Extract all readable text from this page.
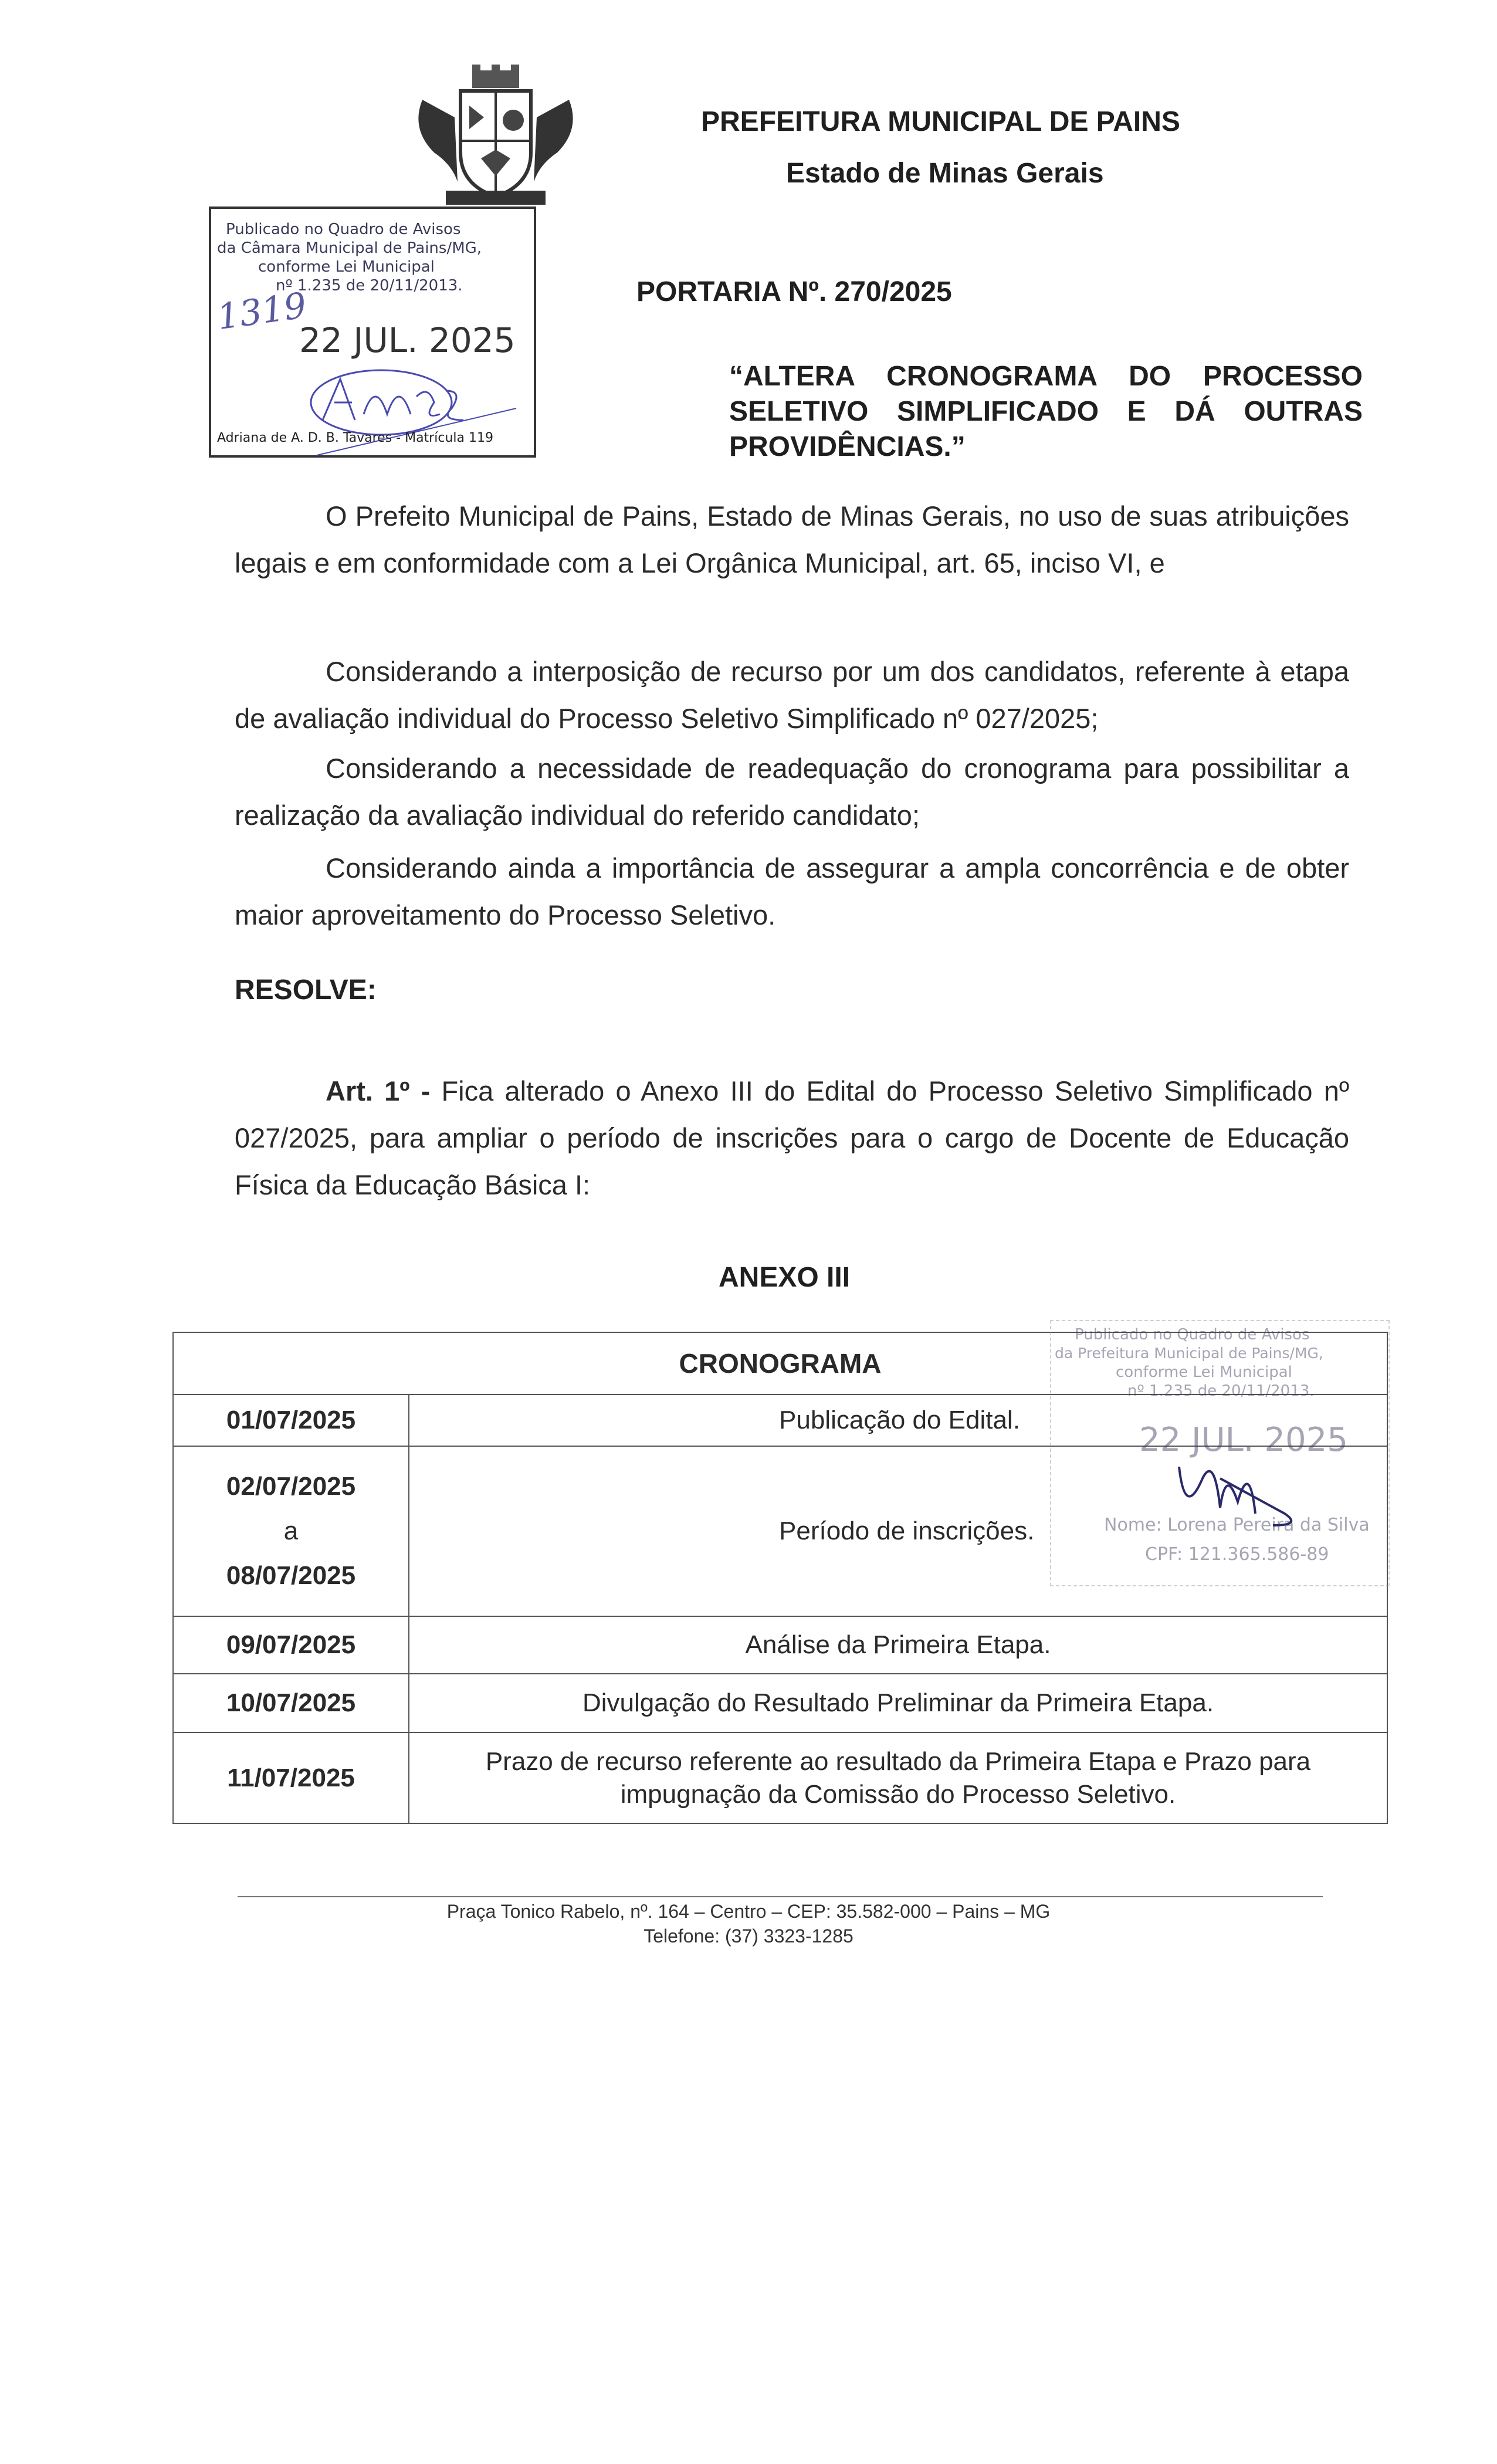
PREFEITURA MUNICIPAL DE PAINS
Estado de Minas Gerais
Publicado no Quadro de Avisos
da Câmara Municipal de Pains/MG,
conforme Lei Municipal
nº 1.235 de 20/11/2013.
1319
22 JUL. 2025
Adriana de A. D. B. Tavares - Matrícula 119
PORTARIA Nº. 270/2025
“ALTERA CRONOGRAMA DO PROCESSO SELETIVO SIMPLIFICADO E DÁ OUTRAS PROVIDÊNCIAS.”
O Prefeito Municipal de Pains, Estado de Minas Gerais, no uso de suas atribuições legais e em conformidade com a Lei Orgânica Municipal, art. 65, inciso VI, e
Considerando a interposição de recurso por um dos candidatos, referente à etapa de avaliação individual do Processo Seletivo Simplificado nº 027/2025;
Considerando a necessidade de readequação do cronograma para possibilitar a realização da avaliação individual do referido candidato;
Considerando ainda a importância de assegurar a ampla concorrência e de obter maior aproveitamento do Processo Seletivo.
RESOLVE:
Art. 1º - Fica alterado o Anexo III do Edital do Processo Seletivo Simplificado nº 027/2025, para ampliar o período de inscrições para o cargo de Docente de Educação Física da Educação Básica I:
ANEXO III
CRONOGRAMA	
01/07/2025	Publicação do Edital.

02/07/2025
a
08/07/2025	Período de inscrições.
09/07/2025	Análise da Primeira Etapa.
10/07/2025	Divulgação do Resultado Preliminar da Primeira Etapa.
11/07/2025	Prazo de recurso referente ao resultado da Primeira Etapa e Prazo para impugnação da Comissão do Processo Seletivo.
Publicado no Quadro de Avisos
da Prefeitura Municipal de Pains/MG,
conforme Lei Municipal
nº 1.235 de 20/11/2013.
22 JUL. 2025
Nome: Lorena Pereira da Silva
CPF: 121.365.586-89
Praça Tonico Rabelo, nº. 164 – Centro – CEP: 35.582-000 – Pains – MG
Telefone: (37) 3323-1285
